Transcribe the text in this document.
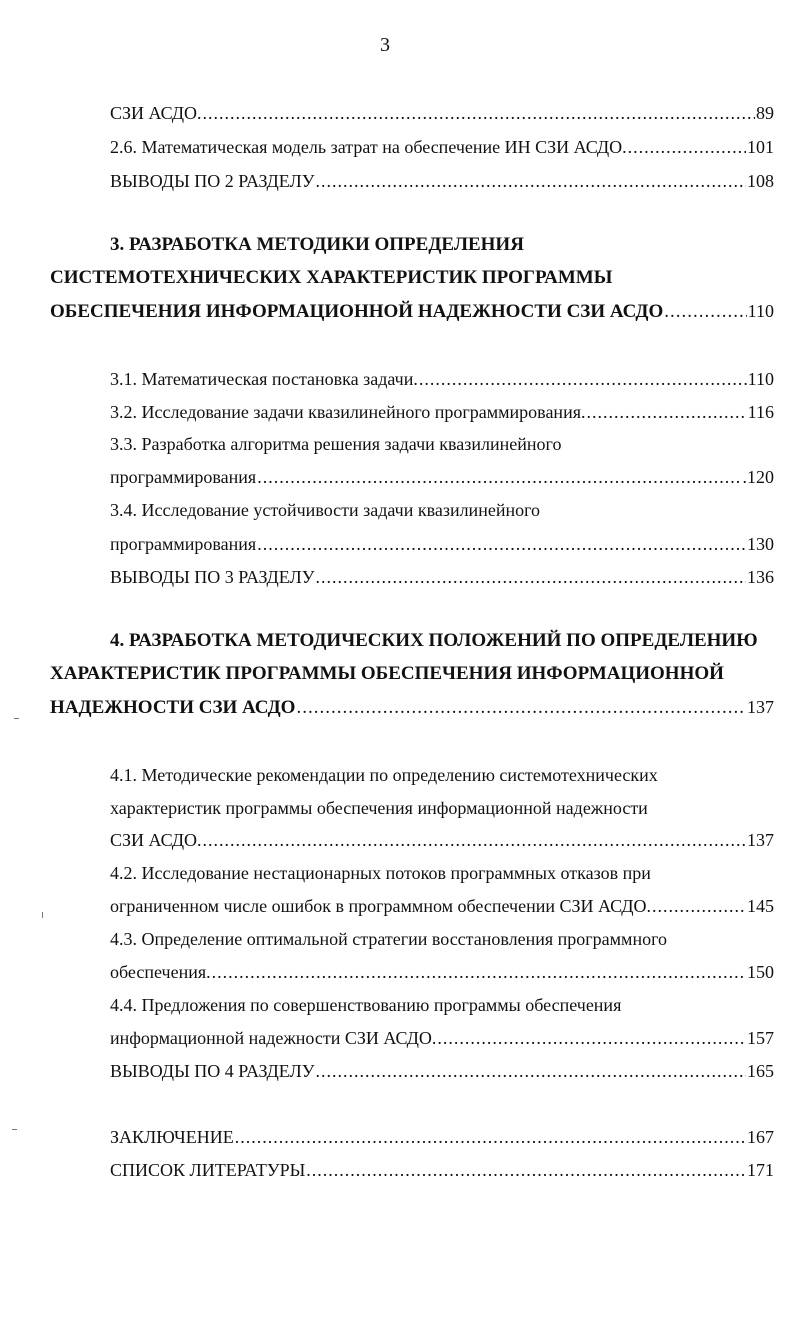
3
СЗИ АСДО. .....	89
2.6. Математическая модель затрат на обеспечение ИН СЗИ АСДО. .....	101
ВЫВОДЫ ПО 2 РАЗДЕЛУ .....	108
3. РАЗРАБОТКА МЕТОДИКИ ОПРЕДЕЛЕНИЯ
СИСТЕМОТЕХНИЧЕСКИХ ХАРАКТЕРИСТИК ПРОГРАММЫ
ОБЕСПЕЧЕНИЯ ИНФОРМАЦИОННОЙ НАДЕЖНОСТИ СЗИ АСДО .....	110
3.1. Математическая постановка задачи. .....	110
3.2. Исследование задачи квазилинейного программирования. .....	116
3.3. Разработка алгоритма решения задачи квазилинейного
программирования .....	.120
3.4. Исследование устойчивости задачи квазилинейного
программирования .....	130
ВЫВОДЫ ПО 3 РАЗДЕЛУ .....	136
4. РАЗРАБОТКА МЕТОДИЧЕСКИХ ПОЛОЖЕНИЙ ПО ОПРЕДЕЛЕНИЮ
ХАРАКТЕРИСТИК ПРОГРАММЫ ОБЕСПЕЧЕНИЯ ИНФОРМАЦИОННОЙ
НАДЕЖНОСТИ СЗИ АСДО .....	137
4.1. Методические рекомендации по определению системотехнических
характеристик программы обеспечения информационной надежности
СЗИ АСДО. .....	137
4.2. Исследование нестационарных потоков программных отказов при
ограниченном числе ошибок в программном обеспечении СЗИ АСДО. .....	145
4.3. Определение оптимальной стратегии восстановления программного
обеспечения. .....	150
4.4. Предложения по совершенствованию программы обеспечения
информационной надежности СЗИ АСДО. .....	157
ВЫВОДЫ ПО 4 РАЗДЕЛУ .....	165
ЗАКЛЮЧЕНИЕ .....	167
СПИСОК ЛИТЕРАТУРЫ .....	171
